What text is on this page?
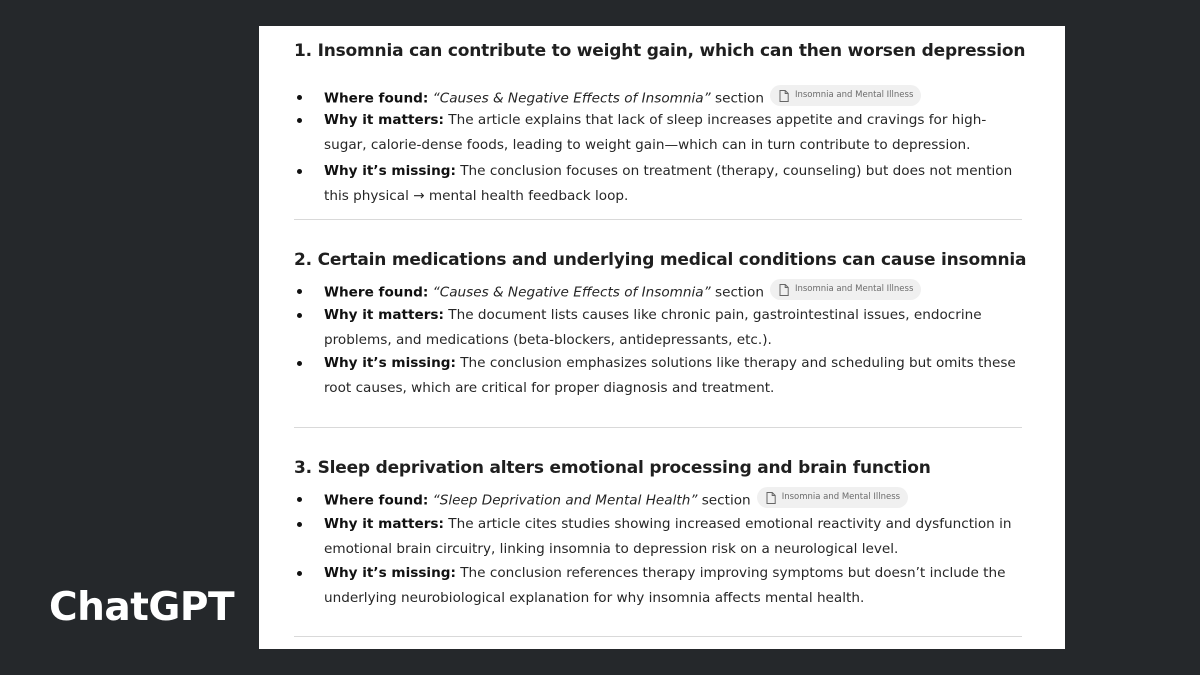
1. Insomnia can contribute to weight gain, which can then worsen depression
Where found: “Causes & Negative Effects of Insomnia” section	Insomnia and Mental Illness
Why it matters: The article explains that lack of sleep increases appetite and cravings for high-sugar, calorie-dense foods, leading to weight gain—which can in turn contribute to depression.
Why it’s missing: The conclusion focuses on treatment (therapy, counseling) but does not mention this physical → mental health feedback loop.
2. Certain medications and underlying medical conditions can cause insomnia
Where found: “Causes & Negative Effects of Insomnia” section	Insomnia and Mental Illness
Why it matters: The document lists causes like chronic pain, gastrointestinal issues, endocrine problems, and medications (beta-blockers, antidepressants, etc.).
Why it’s missing: The conclusion emphasizes solutions like therapy and scheduling but omits these root causes, which are critical for proper diagnosis and treatment.
3. Sleep deprivation alters emotional processing and brain function
Where found: “Sleep Deprivation and Mental Health” section	Insomnia and Mental Illness
Why it matters: The article cites studies showing increased emotional reactivity and dysfunction in emotional brain circuitry, linking insomnia to depression risk on a neurological level.
Why it’s missing: The conclusion references therapy improving symptoms but doesn’t include the underlying neurobiological explanation for why insomnia affects mental health.
ChatGPT
